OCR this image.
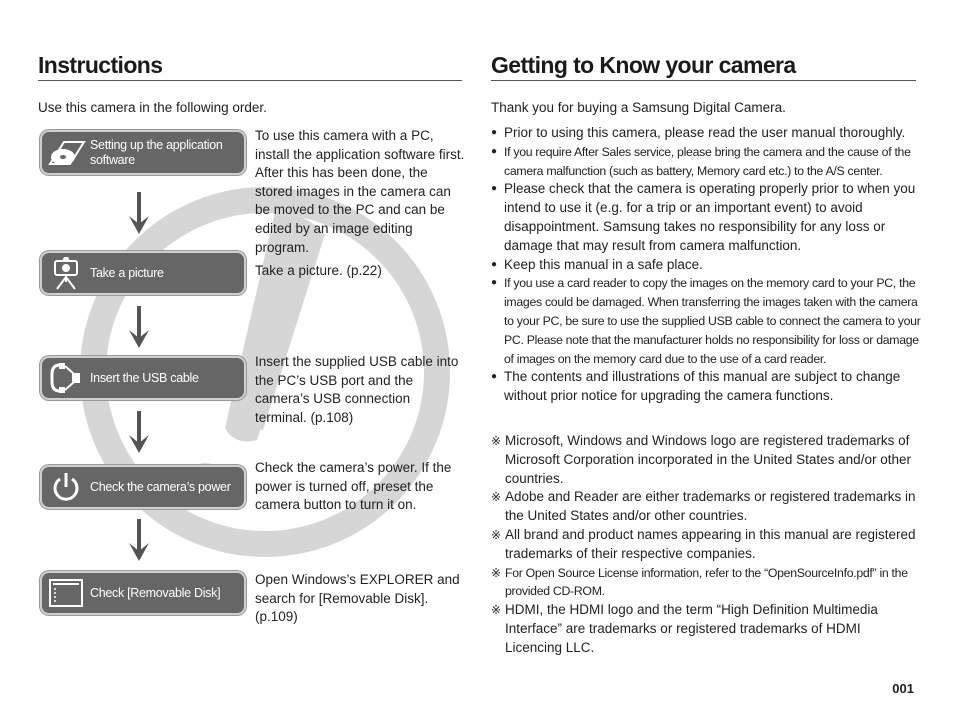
Instructions

Use this camera in the following order.

Setting up the application software

To use this camera with a PC, install the application software first. After this has been done, the stored images in the camera can be moved to the PC and can be edited by an image editing program.

Take a picture	Take a picture. (p.22)

Insert the USB cable

Insert the supplied USB cable into the PC’s USB port and the camera’s USB connection terminal. (p.108)

Check the camera’s power

Check the camera’s power. If the power is turned off, preset the camera button to turn it on.

Check [Removable Disk]

Open Windows’s EXPLORER and search for [Removable Disk]. (p.109)

Getting to Know your camera

Thank you for buying a Samsung Digital Camera.

● Prior to using this camera, please read the user manual thoroughly.
● If you require After Sales service, please bring the camera and the cause of the camera malfunction (such as battery, Memory card etc.) to the A/S center.
● Please check that the camera is operating properly prior to when you intend to use it (e.g. for a trip or an important event) to avoid disappointment. Samsung takes no responsibility for any loss or damage that may result from camera malfunction.
● Keep this manual in a safe place.
● If you use a card reader to copy the images on the memory card to your PC, the images could be damaged. When transferring the images taken with the camera to your PC, be sure to use the supplied USB cable to connect the camera to your PC. Please note that the manufacturer holds no responsibility for loss or damage of images on the memory card due to the use of a card reader.
● The contents and illustrations of this manual are subject to change without prior notice for upgrading the camera functions.
※ Microsoft, Windows and Windows logo are registered trademarks of Microsoft Corporation incorporated in the United States and/or other countries.
※ Adobe and Reader are either trademarks or registered trademarks in the United States and/or other countries.
※ All brand and product names appearing in this manual are registered trademarks of their respective companies.
※ For Open Source License information, refer to the “OpenSourceInfo.pdf” in the provided CD-ROM.
※ HDMI, the HDMI logo and the term “High Definition Multimedia Interface” are trademarks or registered trademarks of HDMI Licencing LLC.
001
